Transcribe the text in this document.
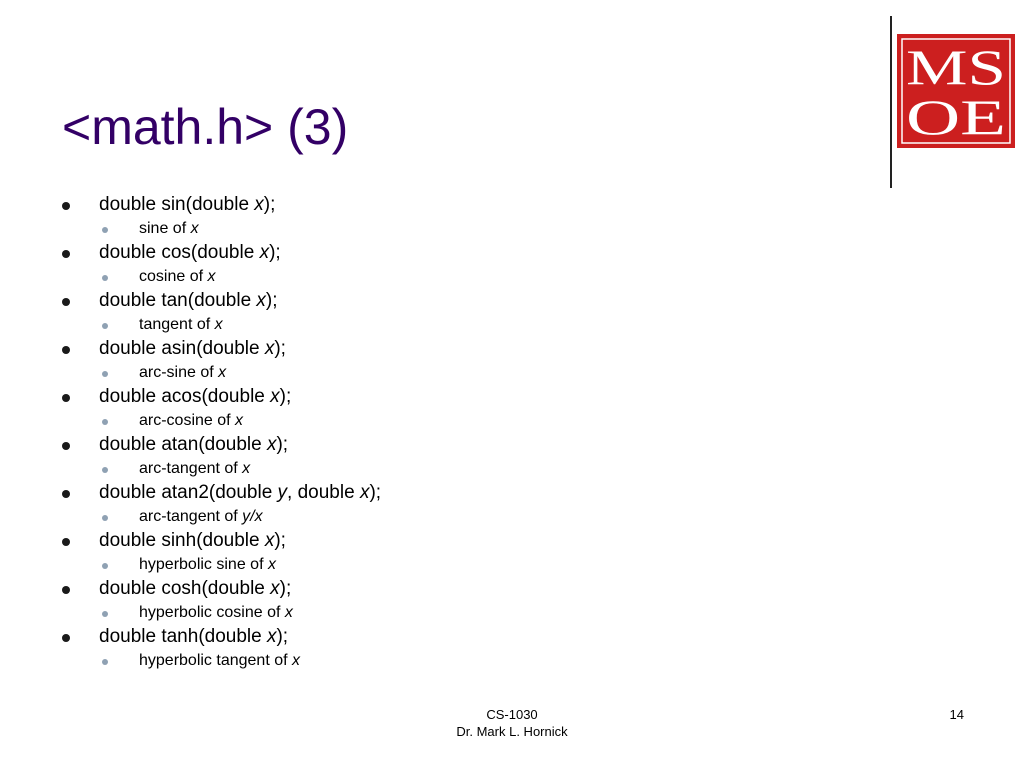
<math.h> (3)
MS
OE
double sin(double x);
sine of x
double cos(double x);
cosine of x
double tan(double x);
tangent of x
double asin(double x);
arc-sine of x
double acos(double x);
arc-cosine of x
double atan(double x);
arc-tangent of x
double atan2(double y, double x);
arc-tangent of y/x
double sinh(double x);
hyperbolic sine of x
double cosh(double x);
hyperbolic cosine of x
double tanh(double x);
hyperbolic tangent of x
CS-1030
Dr. Mark L. Hornick
14
